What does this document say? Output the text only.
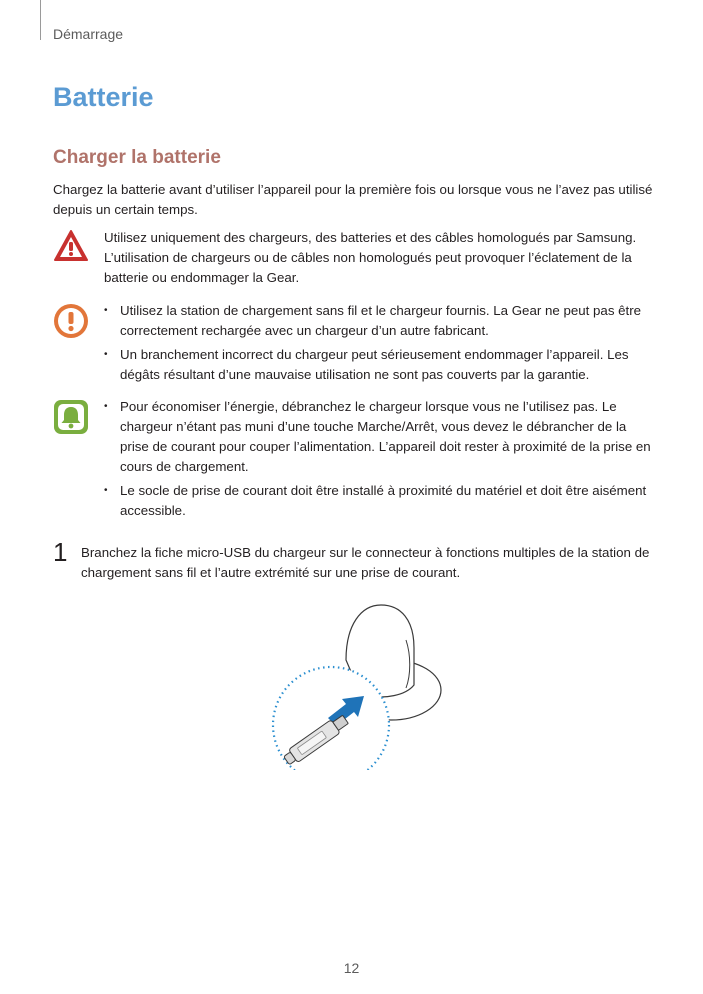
Démarrage
Batterie
Charger la batterie

Chargez la batterie avant d’utiliser l’appareil pour la première fois ou lorsque vous ne l’avez pas utilisé depuis un certain temps.

Utilisez uniquement des chargeurs, des batteries et des câbles homologués par Samsung. L’utilisation de chargeurs ou de câbles non homologués peut provoquer l’éclatement de la batterie ou endommager la Gear.
• Utilisez la station de chargement sans fil et le chargeur fournis. La Gear ne peut pas être correctement rechargée avec un chargeur d’un autre fabricant.
• Un branchement incorrect du chargeur peut sérieusement endommager l’appareil. Les dégâts résultant d’une mauvaise utilisation ne sont pas couverts par la garantie.
• Pour économiser l’énergie, débranchez le chargeur lorsque vous ne l’utilisez pas. Le chargeur n’étant pas muni d’une touche Marche/Arrêt, vous devez le débrancher de la prise de courant pour couper l’alimentation. L’appareil doit rester à proximité de la prise en cours de chargement.
• Le socle de prise de courant doit être installé à proximité du matériel et doit être aisément accessible.
1 Branchez la fiche micro-USB du chargeur sur le connecteur à fonctions multiples de la station de chargement sans fil et l’autre extrémité sur une prise de courant.
12
